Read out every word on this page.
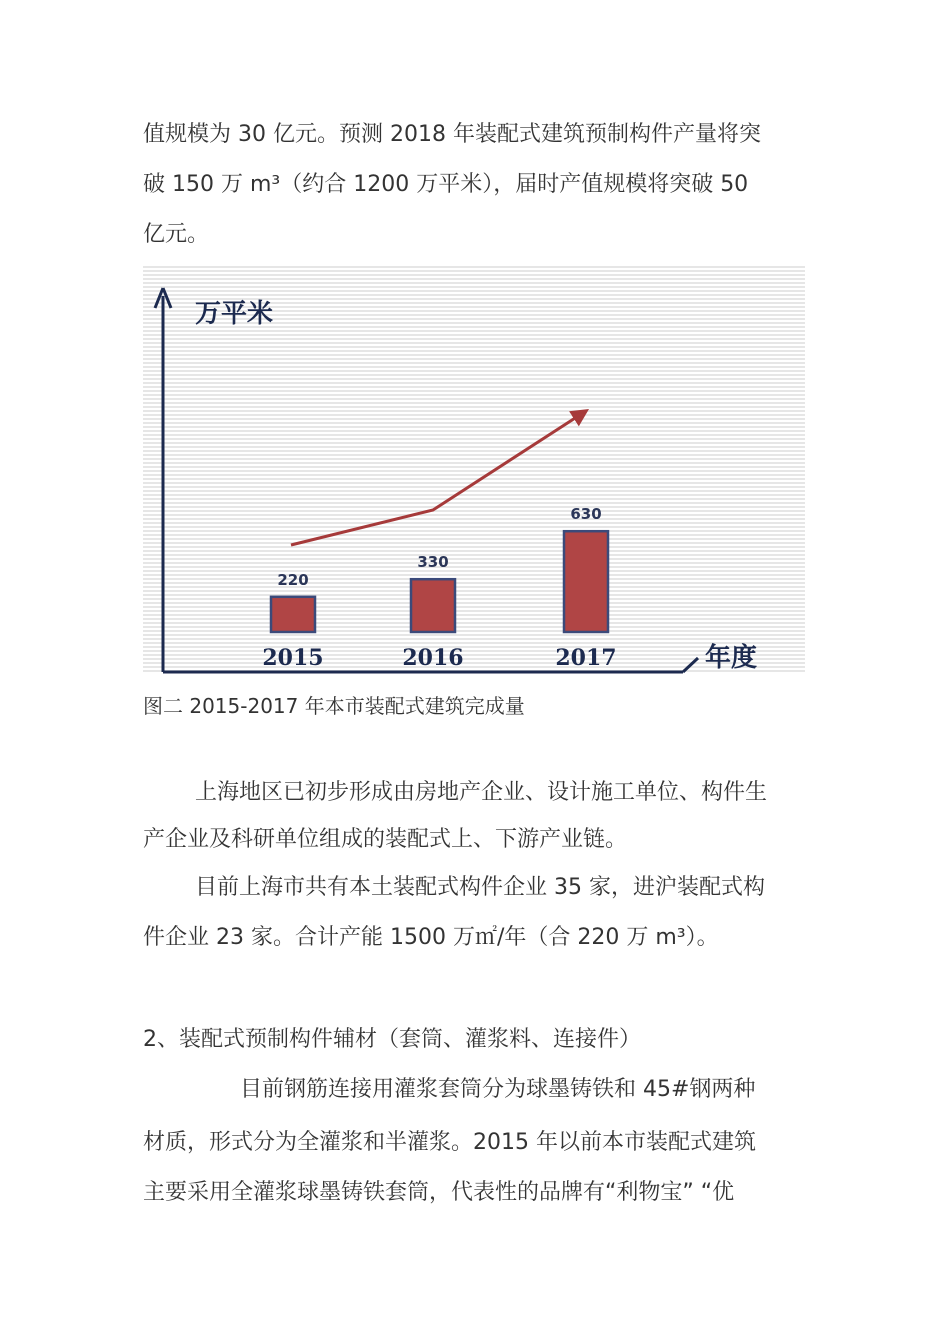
值规模为 30 亿元。预测 2018 年装配式建筑预制构件产量将突
破 150 万 m³（约合 1200 万平米），届时产值规模将突破 50
亿元。
220
2015
330
2016
630
2017
万平米
年度
图二 2015-2017 年本市装配式建筑完成量
上海地区已初步形成由房地产企业、设计施工单位、构件生
产企业及科研单位组成的装配式上、下游产业链。
目前上海市共有本土装配式构件企业 35 家，进沪装配式构
件企业 23 家。合计产能 1500 万㎡/年（合 220 万 m³）。
2、装配式预制构件辅材（套筒、灌浆料、连接件）
目前钢筋连接用灌浆套筒分为球墨铸铁和 45#钢两种
材质，形式分为全灌浆和半灌浆。2015 年以前本市装配式建筑
主要采用全灌浆球墨铸铁套筒，代表性的品牌有“利物宝” “优
